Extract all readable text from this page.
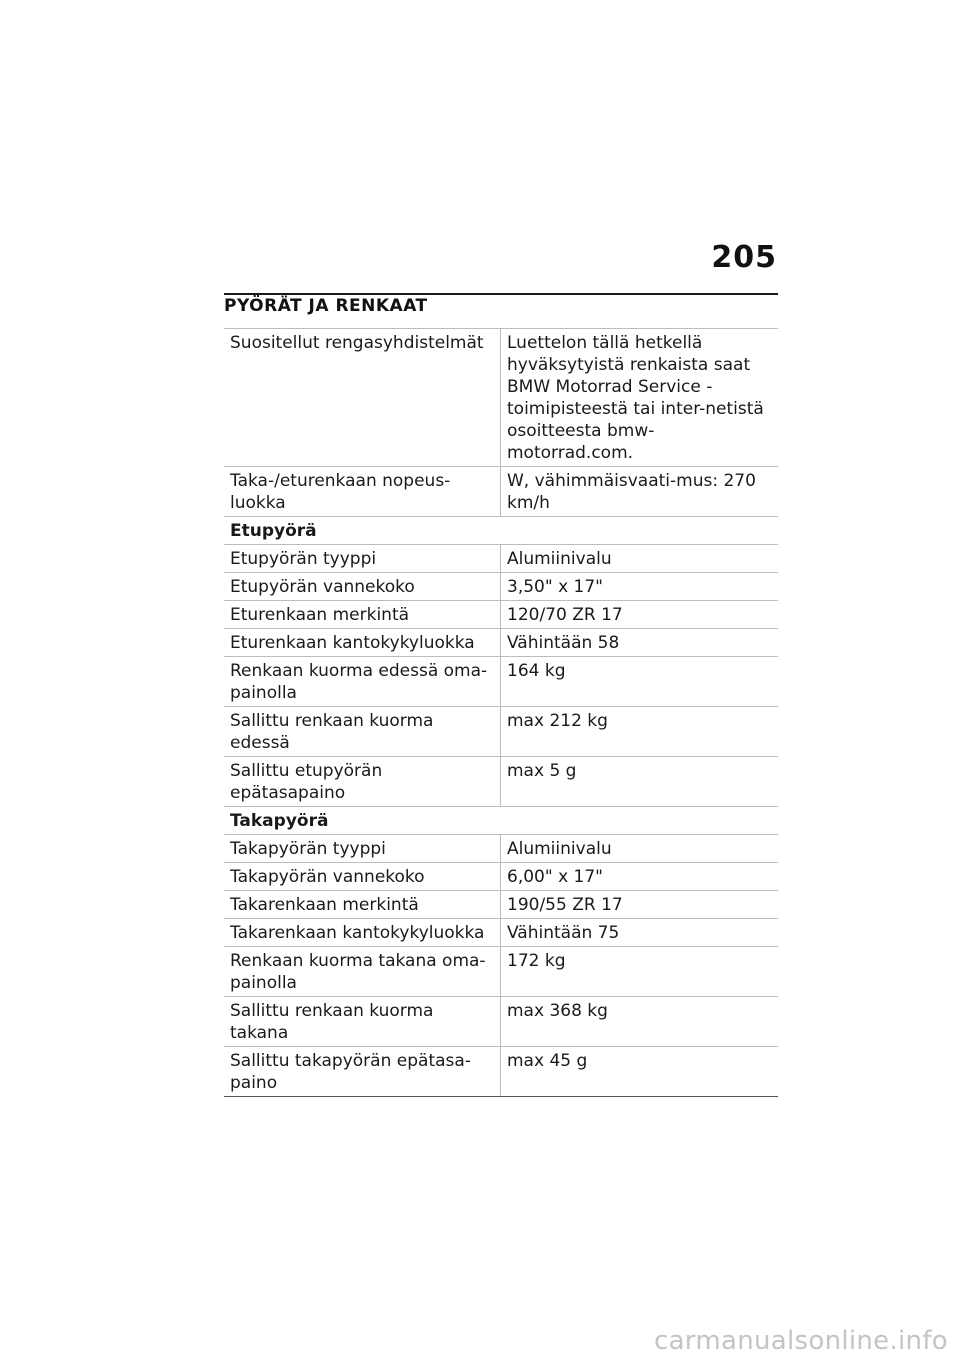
205
PYÖRÄT JA RENKAAT
Suositellut rengasyhdistelmät	Luettelon tällä hetkellä hyväksytyistä renkaista saat BMW Motorrad Service -toimipisteestä tai inter-netistä osoitteesta bmw-motorrad.com.
Taka-/eturenkaan nopeus-luokka	W, vähimmäisvaati-mus: 270 km/h
Etupyörä	
Etupyörän tyyppi	Alumiinivalu
Etupyörän vannekoko	3,50" x 17"
Eturenkaan merkintä	120/70 ZR 17
Eturenkaan kantokykyluokka	Vähintään 58
Renkaan kuorma edessä oma-painolla	164 kg
Sallittu renkaan kuorma edessä	max 212 kg
Sallittu etupyörän epätasapaino	max 5 g
Takapyörä	
Takapyörän tyyppi	Alumiinivalu
Takapyörän vannekoko	6,00" x 17"
Takarenkaan merkintä	190/55 ZR 17
Takarenkaan kantokykyluokka	Vähintään 75
Renkaan kuorma takana oma-painolla	172 kg
Sallittu renkaan kuorma takana	max 368 kg
Sallittu takapyörän epätasa-paino	max 45 g
carmanualsonline.info
